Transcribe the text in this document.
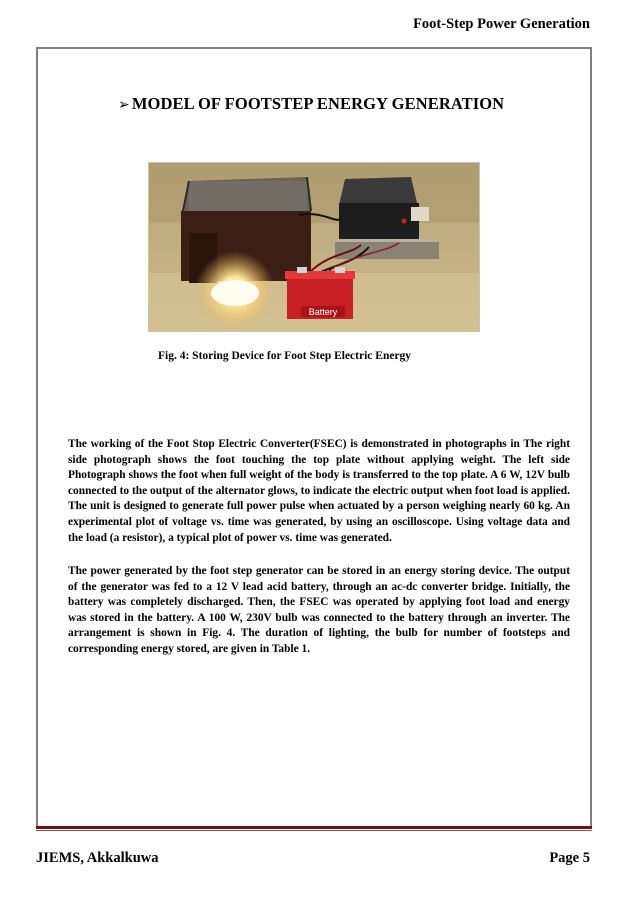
Foot-Step Power Generation
➢ MODEL OF FOOTSTEP ENERGY GENERATION
Battery
Fig. 4: Storing Device for Foot Step Electric Energy

The working of the Foot Stop Electric Converter(FSEC) is demonstrated in photographs in The right side photograph shows the foot touching the top plate without applying weight. The left side Photograph shows the foot when full weight of the body is transferred to the top plate. A 6 W, 12V bulb connected to the output of the alternator glows, to indicate the electric output when foot load is applied. The unit is designed to generate full power pulse when actuated by a person weighing nearly 60 kg. An experimental plot of voltage vs. time was generated, by using an oscilloscope. Using voltage data and the load (a resistor), a typical plot of power vs. time was generated.

The power generated by the foot step generator can be stored in an energy storing device. The output of the generator was fed to a 12 V lead acid battery, through an ac-dc converter bridge. Initially, the battery was completely discharged. Then, the FSEC was operated by applying foot load and energy was stored in the battery. A 100 W, 230V bulb was connected to the battery through an inverter. The arrangement is shown in Fig. 4. The duration of lighting, the bulb for number of footsteps and corresponding energy stored, are given in Table 1.

JIEMS, Akkalkuwa	Page 5
